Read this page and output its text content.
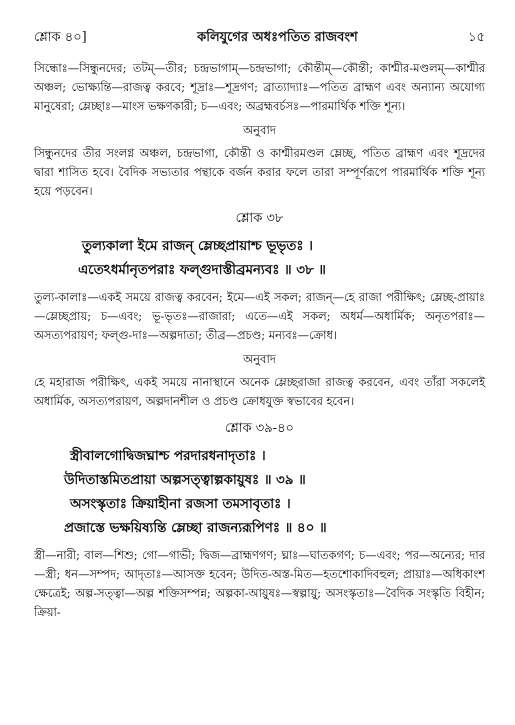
শ্লোক ৪০]	কলিযুগের অধঃপতিত রাজবংশ	১৫

সিন্ধোঃ—সিন্ধুনদের; তটম্—তীর; চন্দ্রভাগাম্—চন্দ্রভাগা; কৌন্তীম্—কৌন্তী; কাশ্মীর-মণ্ডলম্—কাশ্মীর অঞ্চল; ভোক্ষ্যন্তি—রাজত্ব করবে; শূদ্রাঃ—শূদ্রগণ; ব্রাত্যাদ্যাঃ—পতিত ব্রাহ্মণ এবং অন্যান্য অযোগ্য মানুষেরা; ম্লেচ্ছাঃ—মাংস ভক্ষণকারী; চ—এবং; অব্রহ্মবর্চসঃ—পারমার্থিক শক্তি শূন্য।

অনুবাদ

সিন্ধুনদের তীর সংলগ্ন অঞ্চল, চন্দ্রভাগা, কৌন্তী ও কাশ্মীরমণ্ডল ম্লেচ্ছ, পতিত ব্রাহ্মণ এবং শূদ্রদের দ্বারা শাসিত হবে। বৈদিক সভ্যতার পন্থাকে বর্জন করার ফলে তারা সম্পূর্ণরূপে পারমার্থিক শক্তি শূন্য হয়ে পড়বেন।

শ্লোক ৩৮

তুল্যকালা ইমে রাজন্ ম্লেচ্ছপ্রায়াশ্চ ভূভৃতঃ ।

এতেঽধর্মানৃতপরাঃ ফল্গুদাস্তীব্রমন্যবঃ ॥ ৩৮ ॥

তুল্য-কালাঃ—একই সময়ে রাজত্ব করবেন; ইমে—এই সকল; রাজন্—হে রাজা পরীক্ষিৎ; ম্লেচ্ছ-প্রায়াঃ—ম্লেচ্ছপ্রায়; চ—এবং; ভূ-ভৃতঃ—রাজারা; এতে—এই সকল; অধর্ম—অধার্মিক; অনৃতপরাঃ—অসত্যপরায়ণ; ফল্গু-দাঃ—অল্পদাতা; তীব্র—প্রচণ্ড; মন্যবঃ—ক্রোধ।

অনুবাদ

হে মহারাজ পরীক্ষিৎ, একই সময়ে নানাস্থানে অনেক ম্লেচ্ছরাজা রাজত্ব করবেন, এবং তাঁরা সকলেই অধার্মিক, অসত্যপরায়ণ, অল্পদানশীল ও প্রচণ্ড ক্রোধযুক্ত স্বভাবের হবেন।

শ্লোক ৩৯-৪০

স্ত্রীবালগোদ্বিজঘ্নাশ্চ পরদারধনাদৃতাঃ ।

উদিতাস্তমিতপ্রায়া অল্পসত্ত্বাল্পকায়ুষঃ ॥ ৩৯ ॥

অসংস্কৃতাঃ ক্রিয়াহীনা রজসা তমসাবৃতাঃ ।

প্রজাস্তে ভক্ষয়িষ্যন্তি ম্লেচ্ছা রাজন্যরূপিণঃ ॥ ৪০ ॥

স্ত্রী—নারী; বাল—শিশু; গো—গাভী; দ্বিজ—ব্রাহ্মণগণ; ঘ্নাঃ—ঘাতকগণ; চ—এবং; পর—অন্যের; দার—স্ত্রী; ধন—সম্পদ; আদৃতাঃ—আসক্ত হবেন; উদিত-অস্ত-মিত—হতশোকাদিবহুল; প্রায়াঃ—অধিকাংশ ক্ষেত্রেই; অল্প-সত্ত্বা—অল্প শক্তিসম্পন্ন; অল্পকা-আয়ুষঃ—স্বল্পায়ু; অসংস্কৃতাঃ—বৈদিক সংস্কৃতি বিহীন; ক্রিয়া-
